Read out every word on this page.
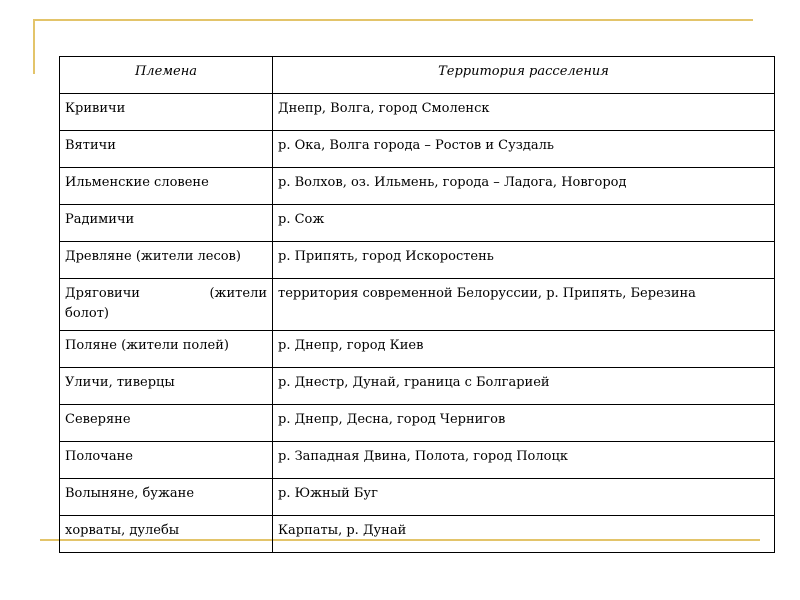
Племена	Территория расселения
Кривичи	Днепр, Волга, город Смоленск
Вятичи	р. Ока, Волга города – Ростов и Суздаль
Ильменские словене	р. Волхов, оз. Ильмень, города – Ладога, Новгород
Радимичи	р. Сож
Древляне (жители лесов)	р. Припять, город Искоростень

Дряговичи (жители
болот)	территория современной Белоруссии, р. Припять, Березина
Поляне (жители полей)	р. Днепр, город Киев
Уличи, тиверцы	р. Днестр, Дунай, граница с Болгарией
Северяне	р. Днепр, Десна, город Чернигов
Полочане	р. Западная Двина, Полота, город Полоцк
Волыняне, бужане	р. Южный Буг
хорваты, дулебы	Карпаты, р. Дунай
